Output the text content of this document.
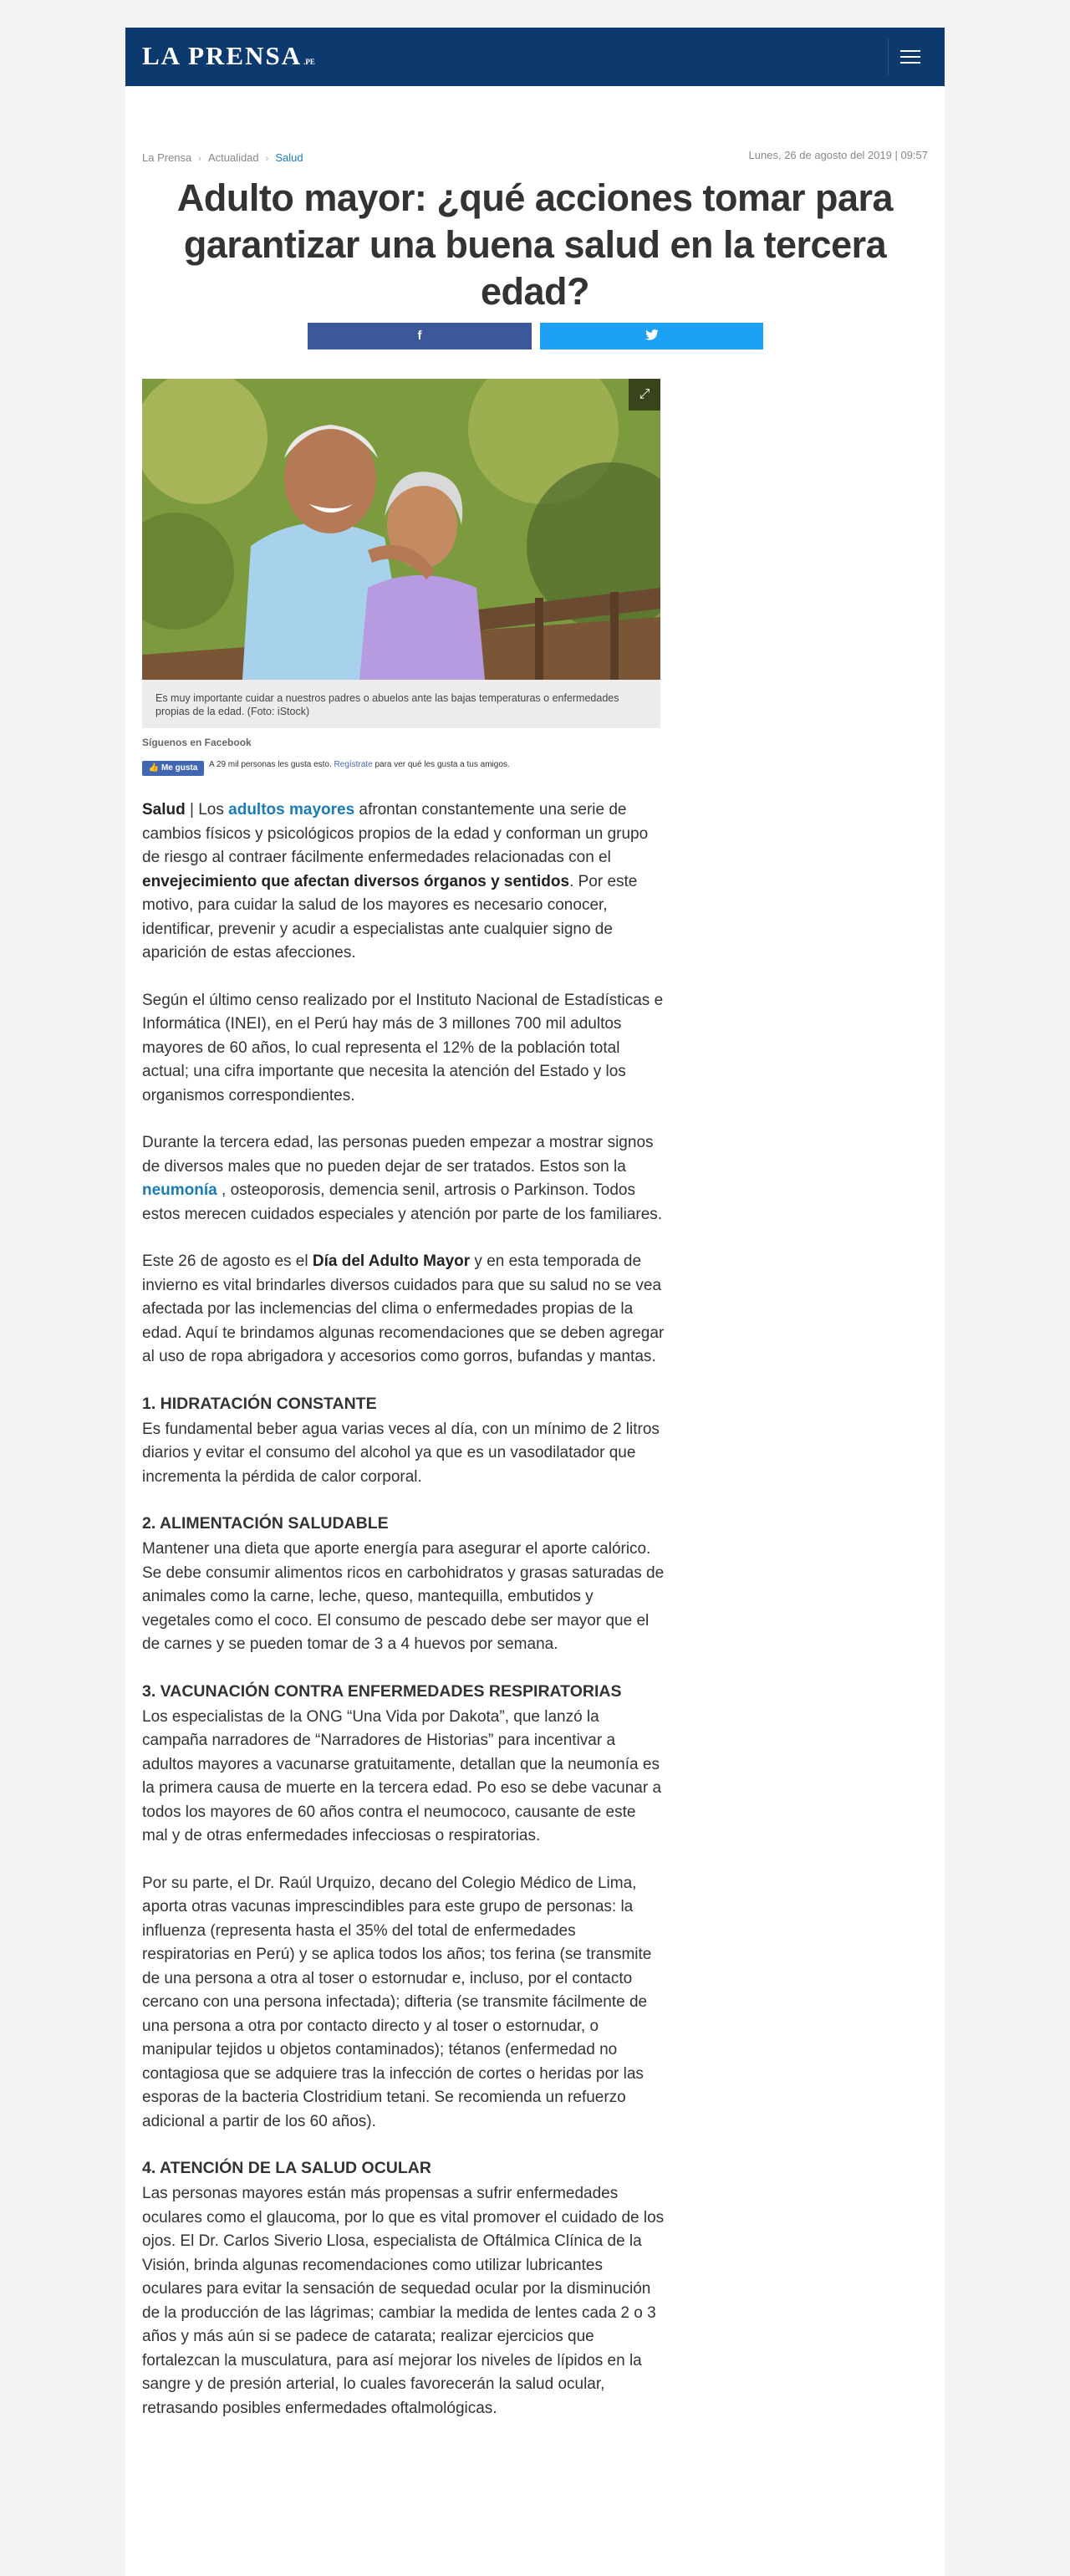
LA PRENSA .PE
La Prensa › Actualidad › Salud	Lunes, 26 de agosto del 2019 | 09:57
Adulto mayor: ¿qué acciones tomar para garantizar una buena salud en la tercera edad?
f
⤢
Es muy importante cuidar a nuestros padres o abuelos ante las bajas temperaturas o enfermedades propias de la edad. (Foto: iStock)
Síguenos en Facebook
👍 Me gusta	A 29 mil personas les gusta esto. Regístrate para ver qué les gusta a tus amigos.

Salud | Los adultos mayores afrontan constantemente una serie de cambios físicos y psicológicos propios de la edad y conforman un grupo de riesgo al contraer fácilmente enfermedades relacionadas con el envejecimiento que afectan diversos órganos y sentidos. Por este motivo, para cuidar la salud de los mayores es necesario conocer, identificar, prevenir y acudir a especialistas ante cualquier signo de aparición de estas afecciones.

Según el último censo realizado por el Instituto Nacional de Estadísticas e Informática (INEI), en el Perú hay más de 3 millones 700 mil adultos mayores de 60 años, lo cual representa el 12% de la población total actual; una cifra importante que necesita la atención del Estado y los organismos correspondientes.

Durante la tercera edad, las personas pueden empezar a mostrar signos de diversos males que no pueden dejar de ser tratados. Estos son la neumonía , osteoporosis, demencia senil, artrosis o Parkinson. Todos estos merecen cuidados especiales y atención por parte de los familiares.

Este 26 de agosto es el Día del Adulto Mayor y en esta temporada de invierno es vital brindarles diversos cuidados para que su salud no se vea afectada por las inclemencias del clima o enfermedades propias de la edad. Aquí te brindamos algunas recomendaciones que se deben agregar al uso de ropa abrigadora y accesorios como gorros, bufandas y mantas.

1. HIDRATACIÓN CONSTANTE

Es fundamental beber agua varias veces al día, con un mínimo de 2 litros diarios y evitar el consumo del alcohol ya que es un vasodilatador que incrementa la pérdida de calor corporal.

2. ALIMENTACIÓN SALUDABLE

Mantener una dieta que aporte energía para asegurar el aporte calórico. Se debe consumir alimentos ricos en carbohidratos y grasas saturadas de animales como la carne, leche, queso, mantequilla, embutidos y vegetales como el coco. El consumo de pescado debe ser mayor que el de carnes y se pueden tomar de 3 a 4 huevos por semana.

3. VACUNACIÓN CONTRA ENFERMEDADES RESPIRATORIAS

Los especialistas de la ONG “Una Vida por Dakota”, que lanzó la campaña narradores de “Narradores de Historias” para incentivar a adultos mayores a vacunarse gratuitamente, detallan que la neumonía es la primera causa de muerte en la tercera edad. Po eso se debe vacunar a todos los mayores de 60 años contra el neumococo, causante de este mal y de otras enfermedades infecciosas o respiratorias.

Por su parte, el Dr. Raúl Urquizo, decano del Colegio Médico de Lima, aporta otras vacunas imprescindibles para este grupo de personas: la influenza (representa hasta el 35% del total de enfermedades respiratorias en Perú) y se aplica todos los años; tos ferina (se transmite de una persona a otra al toser o estornudar e, incluso, por el contacto cercano con una persona infectada); difteria (se transmite fácilmente de una persona a otra por contacto directo y al toser o estornudar, o manipular tejidos u objetos contaminados); tétanos (enfermedad no contagiosa que se adquiere tras la infección de cortes o heridas por las esporas de la bacteria Clostridium tetani. Se recomienda un refuerzo adicional a partir de los 60 años).

4. ATENCIÓN DE LA SALUD OCULAR

Las personas mayores están más propensas a sufrir enfermedades oculares como el glaucoma, por lo que es vital promover el cuidado de los ojos. El Dr. Carlos Siverio Llosa, especialista de Oftálmica Clínica de la Visión, brinda algunas recomendaciones como utilizar lubricantes oculares para evitar la sensación de sequedad ocular por la disminución de la producción de las lágrimas; cambiar la medida de lentes cada 2 o 3 años y más aún si se padece de catarata; realizar ejercicios que fortalezcan la musculatura, para así mejorar los niveles de lípidos en la sangre y de presión arterial, lo cuales favorecerán la salud ocular, retrasando posibles enfermedades oftalmológicas.
